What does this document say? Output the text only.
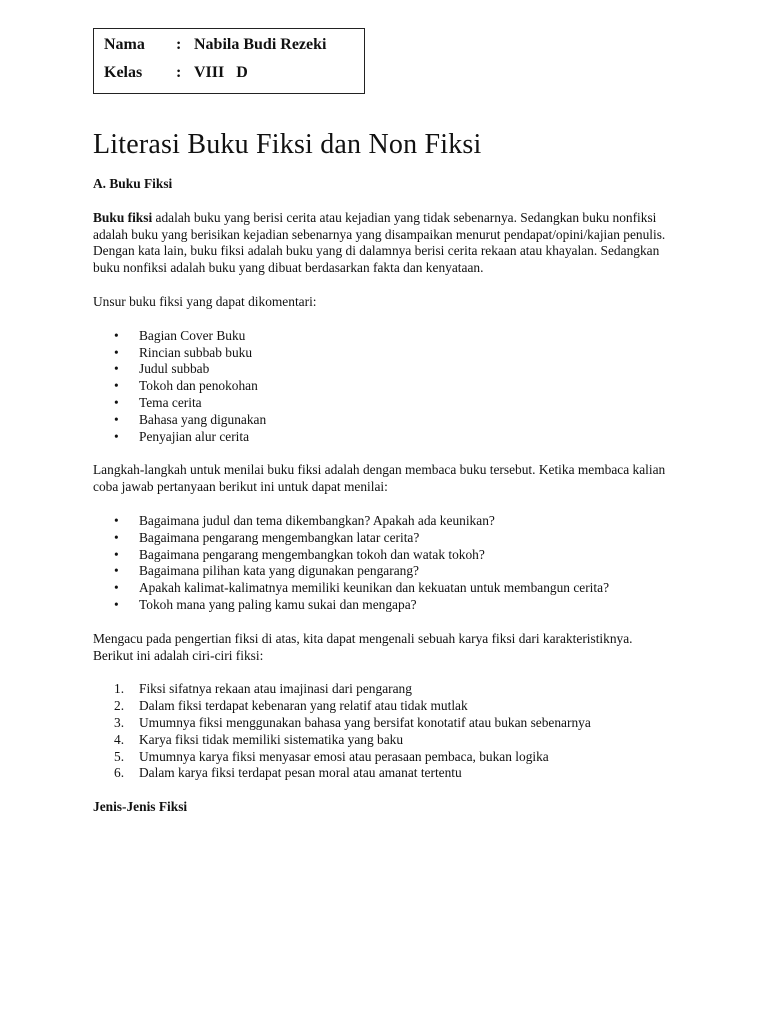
Nama : Nabila Budi Rezeki
Kelas : VIII   D
Literasi Buku Fiksi dan Non Fiksi

A. Buku Fiksi

Buku fiksi adalah buku yang berisi cerita atau kejadian yang tidak sebenarnya. Sedangkan buku nonfiksi adalah buku yang berisikan kejadian sebenarnya yang disampaikan menurut pendapat/opini/kajian penulis.

Dengan kata lain, buku fiksi adalah buku yang di dalamnya berisi cerita rekaan atau khayalan. Sedangkan buku nonfiksi adalah buku yang dibuat berdasarkan fakta dan kenyataan.

Unsur buku fiksi yang dapat dikomentari:

• Bagian Cover Buku
• Rincian subbab buku
• Judul subbab
• Tokoh dan penokohan
• Tema cerita
• Bahasa yang digunakan
• Penyajian alur cerita

Langkah-langkah untuk menilai buku fiksi adalah dengan membaca buku tersebut. Ketika membaca kalian coba jawab pertanyaan berikut ini untuk dapat menilai:

• Bagaimana judul dan tema dikembangkan? Apakah ada keunikan?
• Bagaimana pengarang mengembangkan latar cerita?
• Bagaimana pengarang mengembangkan tokoh dan watak tokoh?
• Bagaimana pilihan kata yang digunakan pengarang?
• Apakah kalimat-kalimatnya memiliki keunikan dan kekuatan untuk membangun cerita?
• Tokoh mana yang paling kamu sukai dan mengapa?

Mengacu pada pengertian fiksi di atas, kita dapat mengenali sebuah karya fiksi dari karakteristiknya. Berikut ini adalah ciri-ciri fiksi:

1. Fiksi sifatnya rekaan atau imajinasi dari pengarang
2. Dalam fiksi terdapat kebenaran yang relatif atau tidak mutlak
3. Umumnya fiksi menggunakan bahasa yang bersifat konotatif atau bukan sebenarnya
4. Karya fiksi tidak memiliki sistematika yang baku
5. Umumnya karya fiksi menyasar emosi atau perasaan pembaca, bukan logika
6. Dalam karya fiksi terdapat pesan moral atau amanat tertentu

Jenis-Jenis Fiksi
